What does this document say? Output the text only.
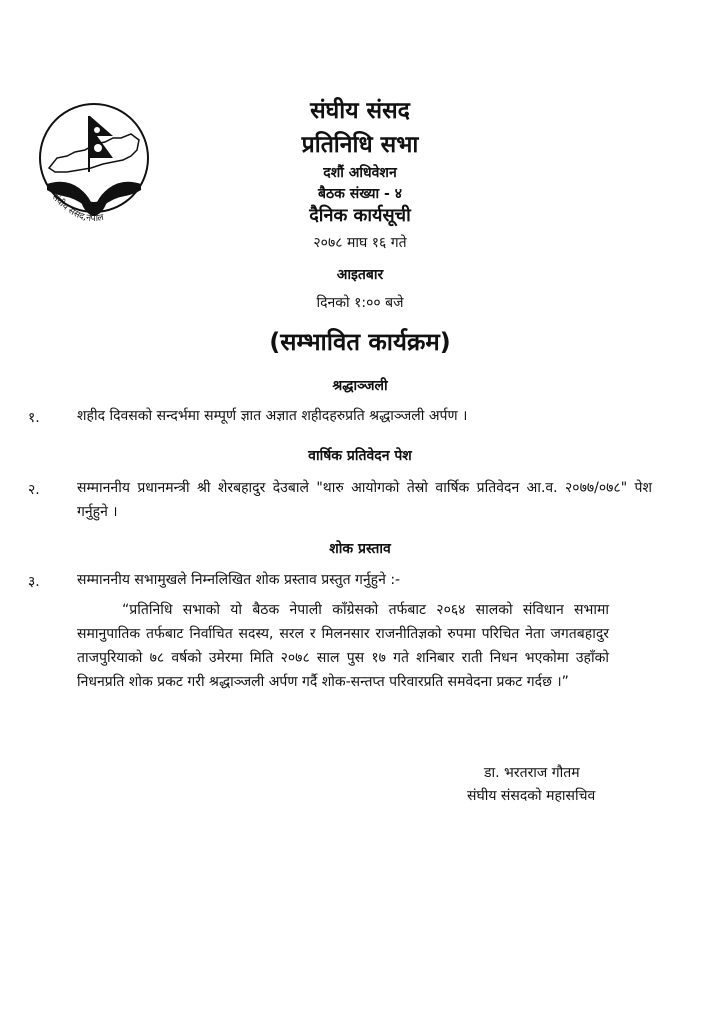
संघीय संसद,नेपाल
संघीय संसद
प्रतिनिधि सभा
दशौं अधिवेशन
बैठक संख्या - ४
दैनिक कार्यसूची
२०७८ माघ १६ गते
आइतबार
दिनको १:०० बजे
(सम्भावित कार्यक्रम)
श्रद्धाञ्जली
१.	शहीद दिवसको सन्दर्भमा सम्पूर्ण ज्ञात अज्ञात शहीदहरुप्रति श्रद्धाञ्जली अर्पण ।
वार्षिक प्रतिवेदन पेश
२.	सम्माननीय प्रधानमन्त्री श्री शेरबहादुर देउबाले "थारु आयोगको तेस्रो वार्षिक प्रतिवेदन आ.व. २०७७/०७८" पेश गर्नुहुने ।
शोक प्रस्ताव
३.	सम्माननीय सभामुखले निम्नलिखित शोक प्रस्ताव प्रस्तुत गर्नुहुने :-
“प्रतिनिधि सभाको यो बैठक नेपाली काँग्रेसको तर्फबाट २०६४ सालको संविधान सभामा समानुपातिक तर्फबाट निर्वाचित सदस्य, सरल र मिलनसार राजनीतिज्ञको रुपमा परिचित नेता जगतबहादुर ताजपुरियाको ७८ वर्षको उमेरमा मिति २०७८ साल पुस १७ गते शनिबार राती निधन भएकोमा उहाँको निधनप्रति शोक प्रकट गरी श्रद्धाञ्जली अर्पण गर्दै शोक-सन्तप्त परिवारप्रति समवेदना प्रकट गर्दछ ।”
डा. भरतराज गौतम
संघीय संसदको महासचिव
